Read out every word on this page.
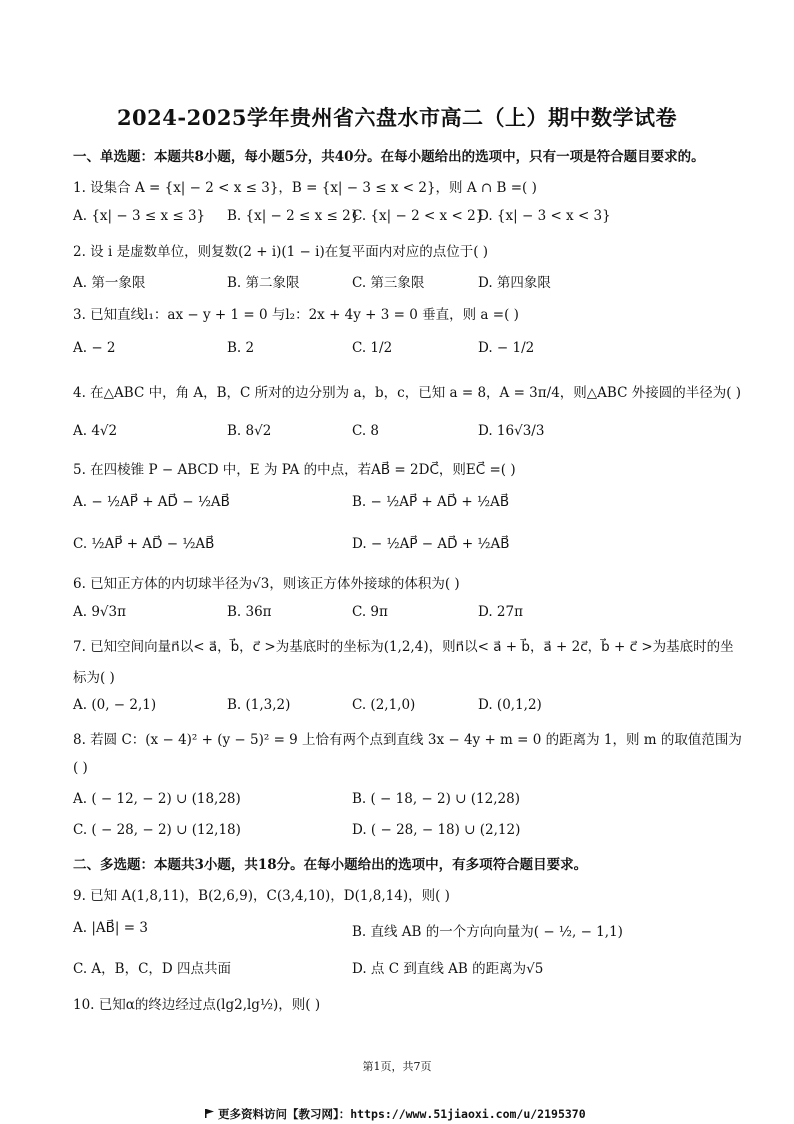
2024-2025学年贵州省六盘水市高二（上）期中数学试卷
一、单选题：本题共8小题，每小题5分，共40分。在每小题给出的选项中，只有一项是符合题目要求的。
1. 设集合 A = {x| − 2 < x ≤ 3}，B = {x| − 3 ≤ x < 2}，则 A ∩ B =( )
A. {x| − 3 ≤ x ≤ 3} B. {x| − 2 ≤ x ≤ 2}
C. {x| − 2 < x < 2}
D. {x| − 3 < x < 3}
2. 设 i 是虚数单位，则复数(2 + i)(1 − i)在复平面内对应的点位于( )
A. 第一象限	B. 第二象限	C. 第三象限	D. 第四象限
3. 已知直线l₁：ax − y + 1 = 0 与l₂：2x + 4y + 3 = 0 垂直，则 a =( )
A. − 2	B. 2	C. 1/2	D. − 1/2
4. 在△ABC 中，角 A，B，C 所对的边分别为 a，b，c，已知 a = 8，A = 3π/4，则△ABC 外接圆的半径为( )
A. 4√2	B. 8√2	C. 8	D. 16√3/3
5. 在四棱锥 P − ABCD 中，E 为 PA 的中点，若AB⃗ = 2DC⃗，则EC⃗ =( )
A. − ½AP⃗ + AD⃗ − ½AB⃗	B. − ½AP⃗ + AD⃗ + ½AB⃗
C. ½AP⃗ + AD⃗ − ½AB⃗	D. − ½AP⃗ − AD⃗ + ½AB⃗
6. 已知正方体的内切球半径为√3，则该正方体外接球的体积为( )
A. 9√3π	B. 36π	C. 9π	D. 27π
7. 已知空间向量n⃗以< a⃗，b⃗，c⃗ >为基底时的坐标为(1,2,4)，则n⃗以< a⃗ + b⃗，a⃗ + 2c⃗，b⃗ + c⃗ >为基底时的坐
标为( )
A. (0, − 2,1)	B. (1,3,2)	C. (2,1,0)	D. (0,1,2)
8. 若圆 C：(x − 4)² + (y − 5)² = 9 上恰有两个点到直线 3x − 4y + m = 0 的距离为 1，则 m 的取值范围为
( )
A. ( − 12, − 2) ∪ (18,28)	B. ( − 18, − 2) ∪ (12,28)
C. ( − 28, − 2) ∪ (12,18)	D. ( − 28, − 18) ∪ (2,12)
二、多选题：本题共3小题，共18分。在每小题给出的选项中，有多项符合题目要求。
9. 已知 A(1,8,11)，B(2,6,9)，C(3,4,10)，D(1,8,14)，则( )
A. |AB⃗| = 3	B. 直线 AB 的一个方向向量为( − ½, − 1,1)
C. A，B，C，D 四点共面	D. 点 C 到直线 AB 的距离为√5
10. 已知α的终边经过点(lg2,lg½)，则( )
第1页，共7页
更多资料访问【教习网】：https://www.51jiaoxi.com/u/2195370
